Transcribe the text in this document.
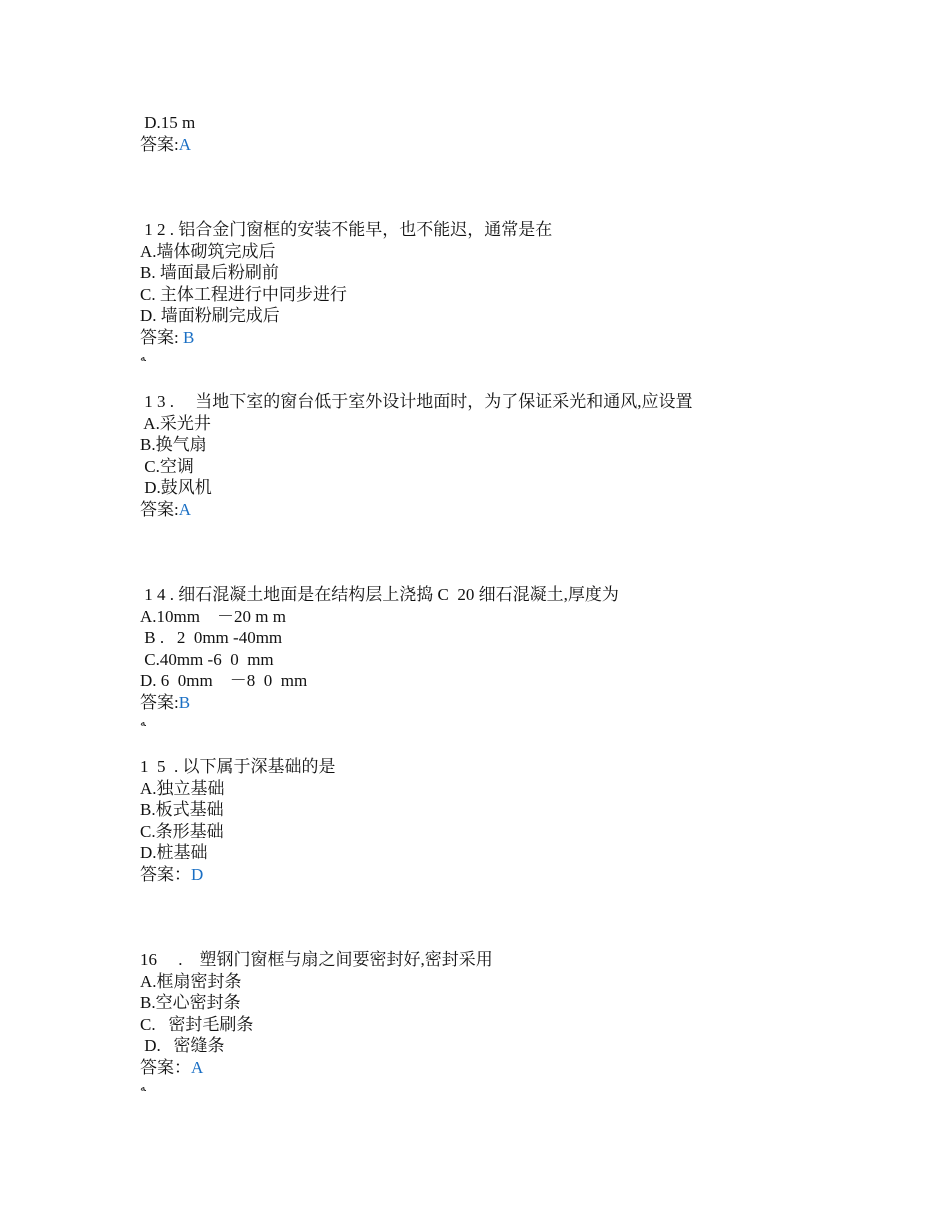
D.15 m
答案:A
1 2 . 铝合金门窗框的安装不能早，也不能迟，通常是在
A.墙体砌筑完成后
B. 墙面最后粉刷前
C. 主体工程进行中同步进行
D. 墙面粉刷完成后
答案: B
ﻪ
1 3 .     当地下室的窗台低于室外设计地面时，为了保证采光和通风,应设置
A.采光井
B.换气扇
C.空调
D.鼓风机
答案:A
1 4 . 细石混凝土地面是在结构层上浇捣 C  20 细石混凝土,厚度为
A.10mm    －20 m m
B .   2  0mm -40mm
C.40mm -6  0  mm
D. 6  0mm    －8  0  mm
答案:B
ﻪ
1  5  . 以下属于深基础的是
A.独立基础
B.板式基础
C.条形基础
D.桩基础
答案：D
16     .    塑钢门窗框与扇之间要密封好,密封采用
A.框扇密封条
B.空心密封条
C.   密封毛刷条
D.   密缝条
答案：A
ﻪ
